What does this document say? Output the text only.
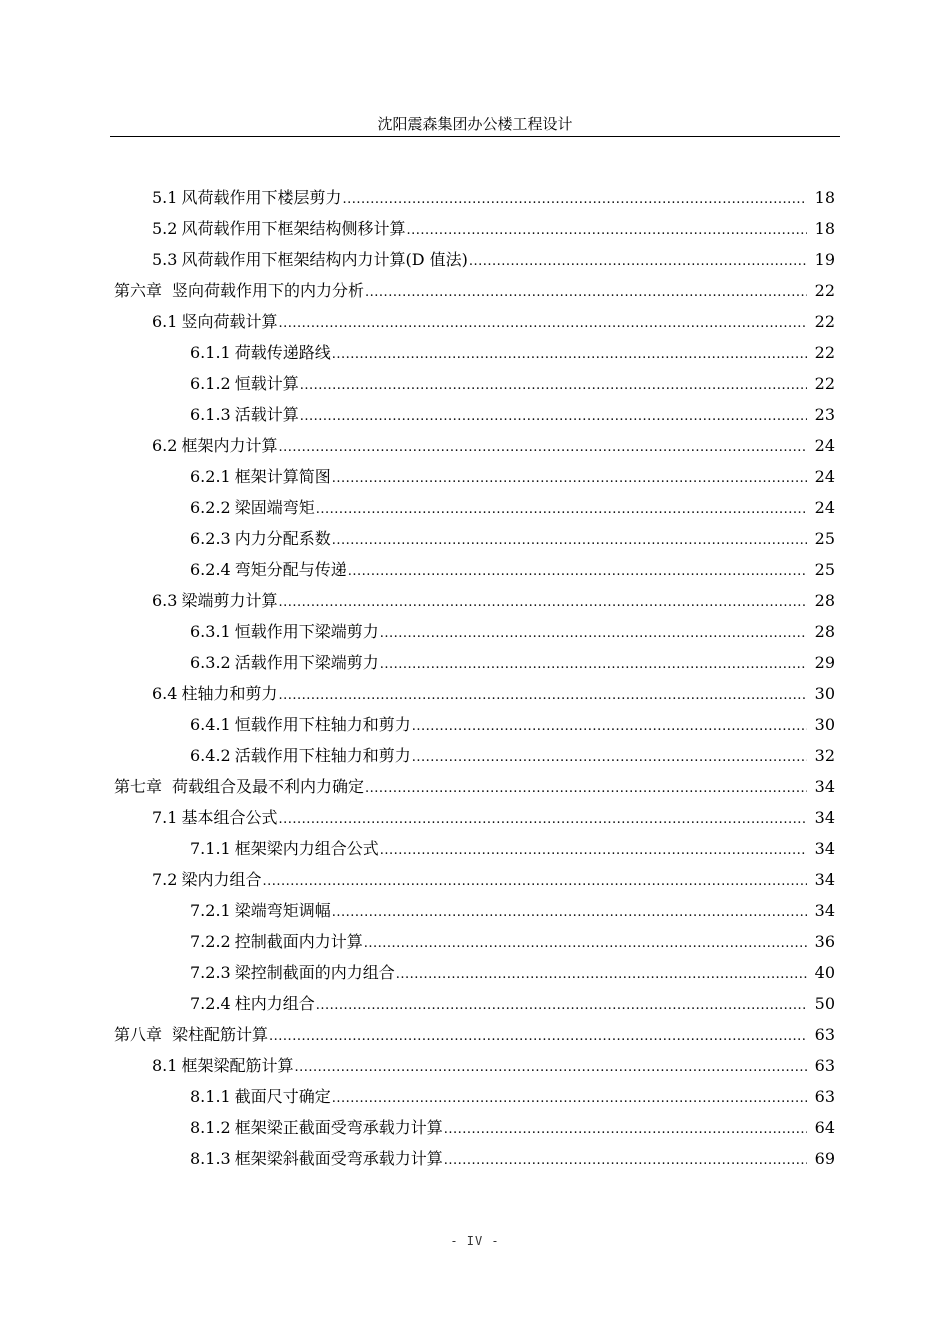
沈阳震森集团办公楼工程设计
5.1 风荷载作用下楼层剪力 .....	18
5.2 风荷载作用下框架结构侧移计算 .....	18
5.3 风荷载作用下框架结构内力计算(D 值法) .....	19
第六章 竖向荷载作用下的内力分析 .....	22
6.1 竖向荷载计算 .....	22
6.1.1 荷载传递路线 .....	22
6.1.2 恒载计算 .....	22
6.1.3 活载计算 .....	23
6.2 框架内力计算 .....	24
6.2.1 框架计算简图 .....	24
6.2.2 梁固端弯矩 .....	24
6.2.3 内力分配系数 .....	25
6.2.4 弯矩分配与传递 .....	25
6.3 梁端剪力计算 .....	28
6.3.1 恒载作用下梁端剪力 .....	28
6.3.2 活载作用下梁端剪力 .....	29
6.4 柱轴力和剪力 .....	30
6.4.1 恒载作用下柱轴力和剪力 .....	30
6.4.2 活载作用下柱轴力和剪力 .....	32
第七章 荷载组合及最不利内力确定 .....	34
7.1 基本组合公式 .....	34
7.1.1 框架梁内力组合公式 .....	34
7.2 梁内力组合 .....	34
7.2.1 梁端弯矩调幅 .....	34
7.2.2 控制截面内力计算 .....	36
7.2.3 梁控制截面的内力组合 .....	40
7.2.4 柱内力组合 .....	50
第八章 梁柱配筋计算 .....	63
8.1 框架梁配筋计算 .....	63
8.1.1 截面尺寸确定 .....	63
8.1.2 框架梁正截面受弯承载力计算 .....	64
8.1.3 框架梁斜截面受弯承载力计算 .....	69
- IV -
